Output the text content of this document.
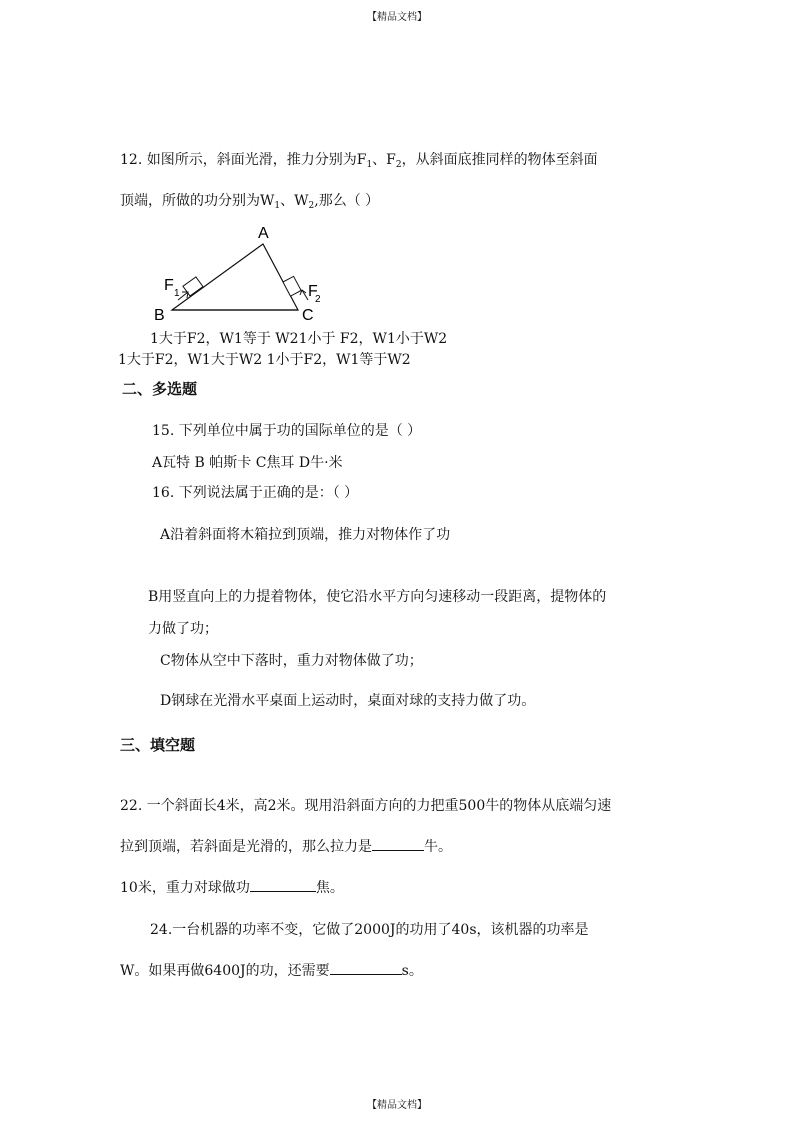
【精品文档】
12. 如图所示，斜面光滑，推力分别为$F_1$、$F_2$，从斜面底推同样的物体至斜面
顶端，所做的功分别为$W_1$、$W_2$,那么（ ）
A
B	C
F 1	F
2
1大于F2，W1等于 W21小于 F2，W1小于W2
1大于F2，W1大于W2 1小于F2，W1等于W2
二、多选题
15. 下列单位中属于功的国际单位的是（ ）
A瓦特 B 帕斯卡 C焦耳 D牛·米
16. 下列说法属于正确的是：（ ）
A沿着斜面将木箱拉到顶端，推力对物体作了功
B用竖直向上的力提着物体，使它沿水平方向匀速移动一段距离，提物体的
力做了功；
C物体从空中下落时，重力对物体做了功；
D钢球在光滑水平桌面上运动时，桌面对球的支持力做了功。
三、填空题
22. 一个斜面长4米，高2米。现用沿斜面方向的力把重500牛的物体从底端匀速
拉到顶端，若斜面是光滑的，那么拉力是	牛。
10米，重力对球做功	焦。
24.一台机器的功率不变，它做了2000J的功用了40s，该机器的功率是
W。如果再做6400J的功，还需要	s。
【精品文档】
